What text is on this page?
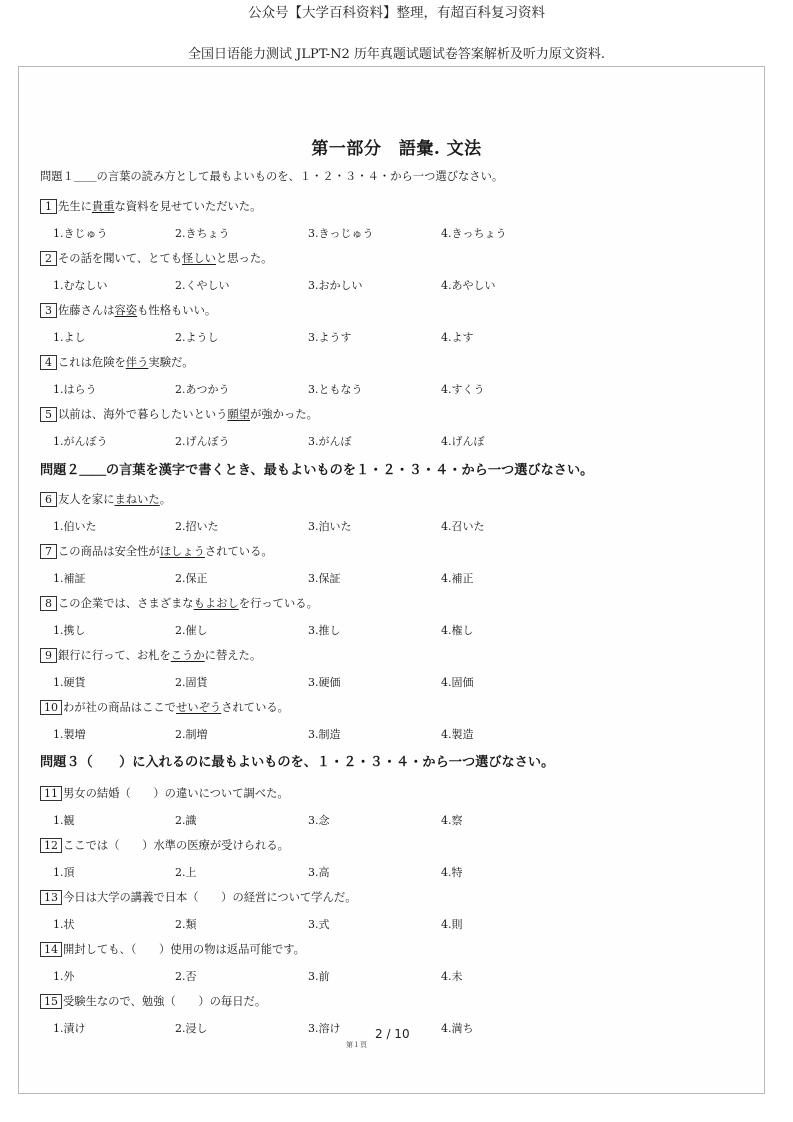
公众号【大学百科资料】整理，有超百科复习资料
全国日语能力测试 JLPT-N2 历年真题试题试卷答案解析及听力原文资料.
第一部分　語彙. 文法
問題１＿＿の言葉の読み方として最もよいものを、１・２・３・４・から一つ選びなさい。
問題２＿＿の言葉を漢字で書くとき、最もよいものを１・２・３・４・から一つ選びなさい。
問題３（　　）に入れるのに最もよいものを、１・２・３・４・から一つ選びなさい。
1 先生に 貴重 な資料を見せていただいた。
1.きじゅう	2.きちょう	3.きっじゅう	4.きっちょう
2 その話を聞いて、とても 怪しい と思った。
1.むなしい	2.くやしい	3.おかしい	4.あやしい
3 佐藤さんは 容姿 も性格もいい。
1.よし	2.ようし	3.ようす	4.よす
4 これは危険を 伴う 実験だ。
1.はらう	2.あつかう	3.ともなう	4.すくう
5 以前は、海外で暮らしたいという 願望 が強かった。
1.がんぼう	2.げんぼう	3.がんぼ	4.げんぼ
6 友人を家に まねいた 。
1.伯いた	2.招いた	3.泊いた	4.召いた
7 この商品は安全性が ほしょう されている。
1.補証	2.保正	3.保証	4.補正
8 この企業では、さまざまな もよおし を行っている。
1.携し	2.催し	3.推し	4.権し
9 銀行に行って、お札を こうか に替えた。
1.硬貨	2.固貨	3.硬価	4.固価
10 わが社の商品はここで せいぞう されている。
1.製増	2.制増	3.制造	4.製造
11 男女の結婚（　　）の違いについて調べた。
1.観	2.識	3.念	4.察
12 ここでは（　　）水準の医療が受けられる。
1.頂	2.上	3.高	4.特
13 今日は大学の講義で日本（　　）の経営について学んだ。
1.状	2.類	3.式	4.則
14 開封しても、（　　）使用の物は返品可能です。
1.外	2.否	3.前	4.未
15 受験生なので、勉強（　　）の毎日だ。
1.漬け	2.浸し	3.溶け	4.満ち
2 / 10
第１頁
